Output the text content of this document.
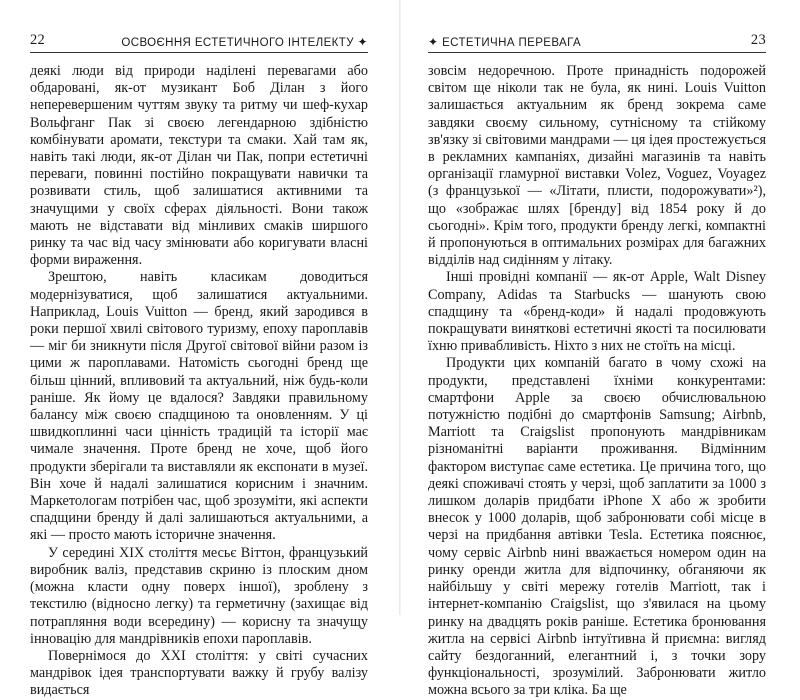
22	ОСВОЄННЯ ЕСТЕТИЧНОГО ІНТЕЛЕКТУ ✦

деякі люди від природи наділені перевагами або обдаровані, як-от музикант Боб Ділан з його неперевершеним чуттям звуку та ритму чи шеф-кухар Вольфганг Пак зі своєю легендарною здібністю комбінувати аромати, текстури та смаки. Хай там як, навіть такі люди, як-от Ділан чи Пак, попри естетичні переваги, повинні постійно покращувати навички та розвивати стиль, щоб залишатися активними та значущими у своїх сферах діяльності. Вони також мають не відставати від мінливих смаків ширшого ринку та час від часу змінювати або коригувати власні форми вираження.

Зрештою, навіть класикам доводиться модернізуватися, щоб залишатися актуальними. Наприклад, Louis Vuitton — бренд, який зародився в роки першої хвилі світового туризму, епоху пароплавів — міг би зникнути після Другої світової війни разом із цими ж пароплавами. Натомість сьогодні бренд ще більш цінний, впливовий та актуальний, ніж будь-коли раніше. Як йому це вдалося? Завдяки правильному балансу між своєю спадщиною та оновленням. У ці швидкоплинні часи цінність традицій та історії має чимале значення. Проте бренд не хоче, щоб його продукти зберігали та виставляли як експонати в музеї. Він хоче й надалі залишатися корисним і значним. Маркетологам потрібен час, щоб зрозуміти, які аспекти спадщини бренду й далі залишаються актуальними, а які — просто мають історичне значення.

У середині XIX століття месьє Віттон, французький виробник валіз, представив скриню із плоским дном (можна класти одну поверх іншої), зроблену з текстилю (відносно легку) та герметичну (захищає від потрапляння води всередину) — корисну та значущу інновацію для мандрівників епохи пароплавів.

Повернімося до XXI століття: у світі сучасних мандрівок ідея транспортувати важку й грубу валізу видається

✦ ЕСТЕТИЧНА ПЕРЕВАГА	23

зовсім недоречною. Проте принадність подорожей світом ще ніколи так не була, як нині. Louis Vuitton залишається актуальним як бренд зокрема саме завдяки своєму сильному, сутнісному та стійкому зв'язку зі світовими мандрами — ця ідея простежується в рекламних кампаніях, дизайні магазинів та навіть організації гламурної виставки Volez, Voguez, Voyagez (з французької — «Літати, плисти, подорожувати»²), що «зображає шлях [бренду] від 1854 року й до сьогодні». Крім того, продукти бренду легкі, компактні й пропонуються в оптимальних розмірах для багажних відділів над сидінням у літаку.

Інші провідні компанії — як-от Apple, Walt Disney Company, Adidas та Starbucks — шанують свою спадщину та «бренд-коди» й надалі продовжують покращувати винятковi естетичні якості та посилювати їхню привабливість. Ніхто з них не стоїть на місці.

Продукти цих компаній багато в чому схожі на продукти, представлені їхніми конкурентами: смартфони Apple за своєю обчислювальною потужністю подібні до смартфонів Samsung; Airbnb, Marriott та Craigslist пропонують мандрівникам різноманітні варіанти проживання. Відмінним фактором виступає саме естетика. Це причина того, що деякі споживачі стоять у черзі, щоб заплатити за 1000 з лишком доларів придбати iPhone X або ж зробити внесок у 1000 доларів, щоб забронювати собі місце в черзі на придбання автівки Tesla. Естетика пояснює, чому сервіс Airbnb нині вважається номером один на ринку оренди житла для відпочинку, обганяючи як найбільшу у світі мережу готелів Marriott, так і інтернет-компанію Craigslist, що з'явилася на цьому ринку на двадцять років раніше. Естетика бронювання житла на сервісі Airbnb інтуїтивна й приємна: вигляд сайту бездоганний, елегантний і, з точки зору функціональності, зрозумілий. Забронювати житло можна всього за три кліка. Ба ще
